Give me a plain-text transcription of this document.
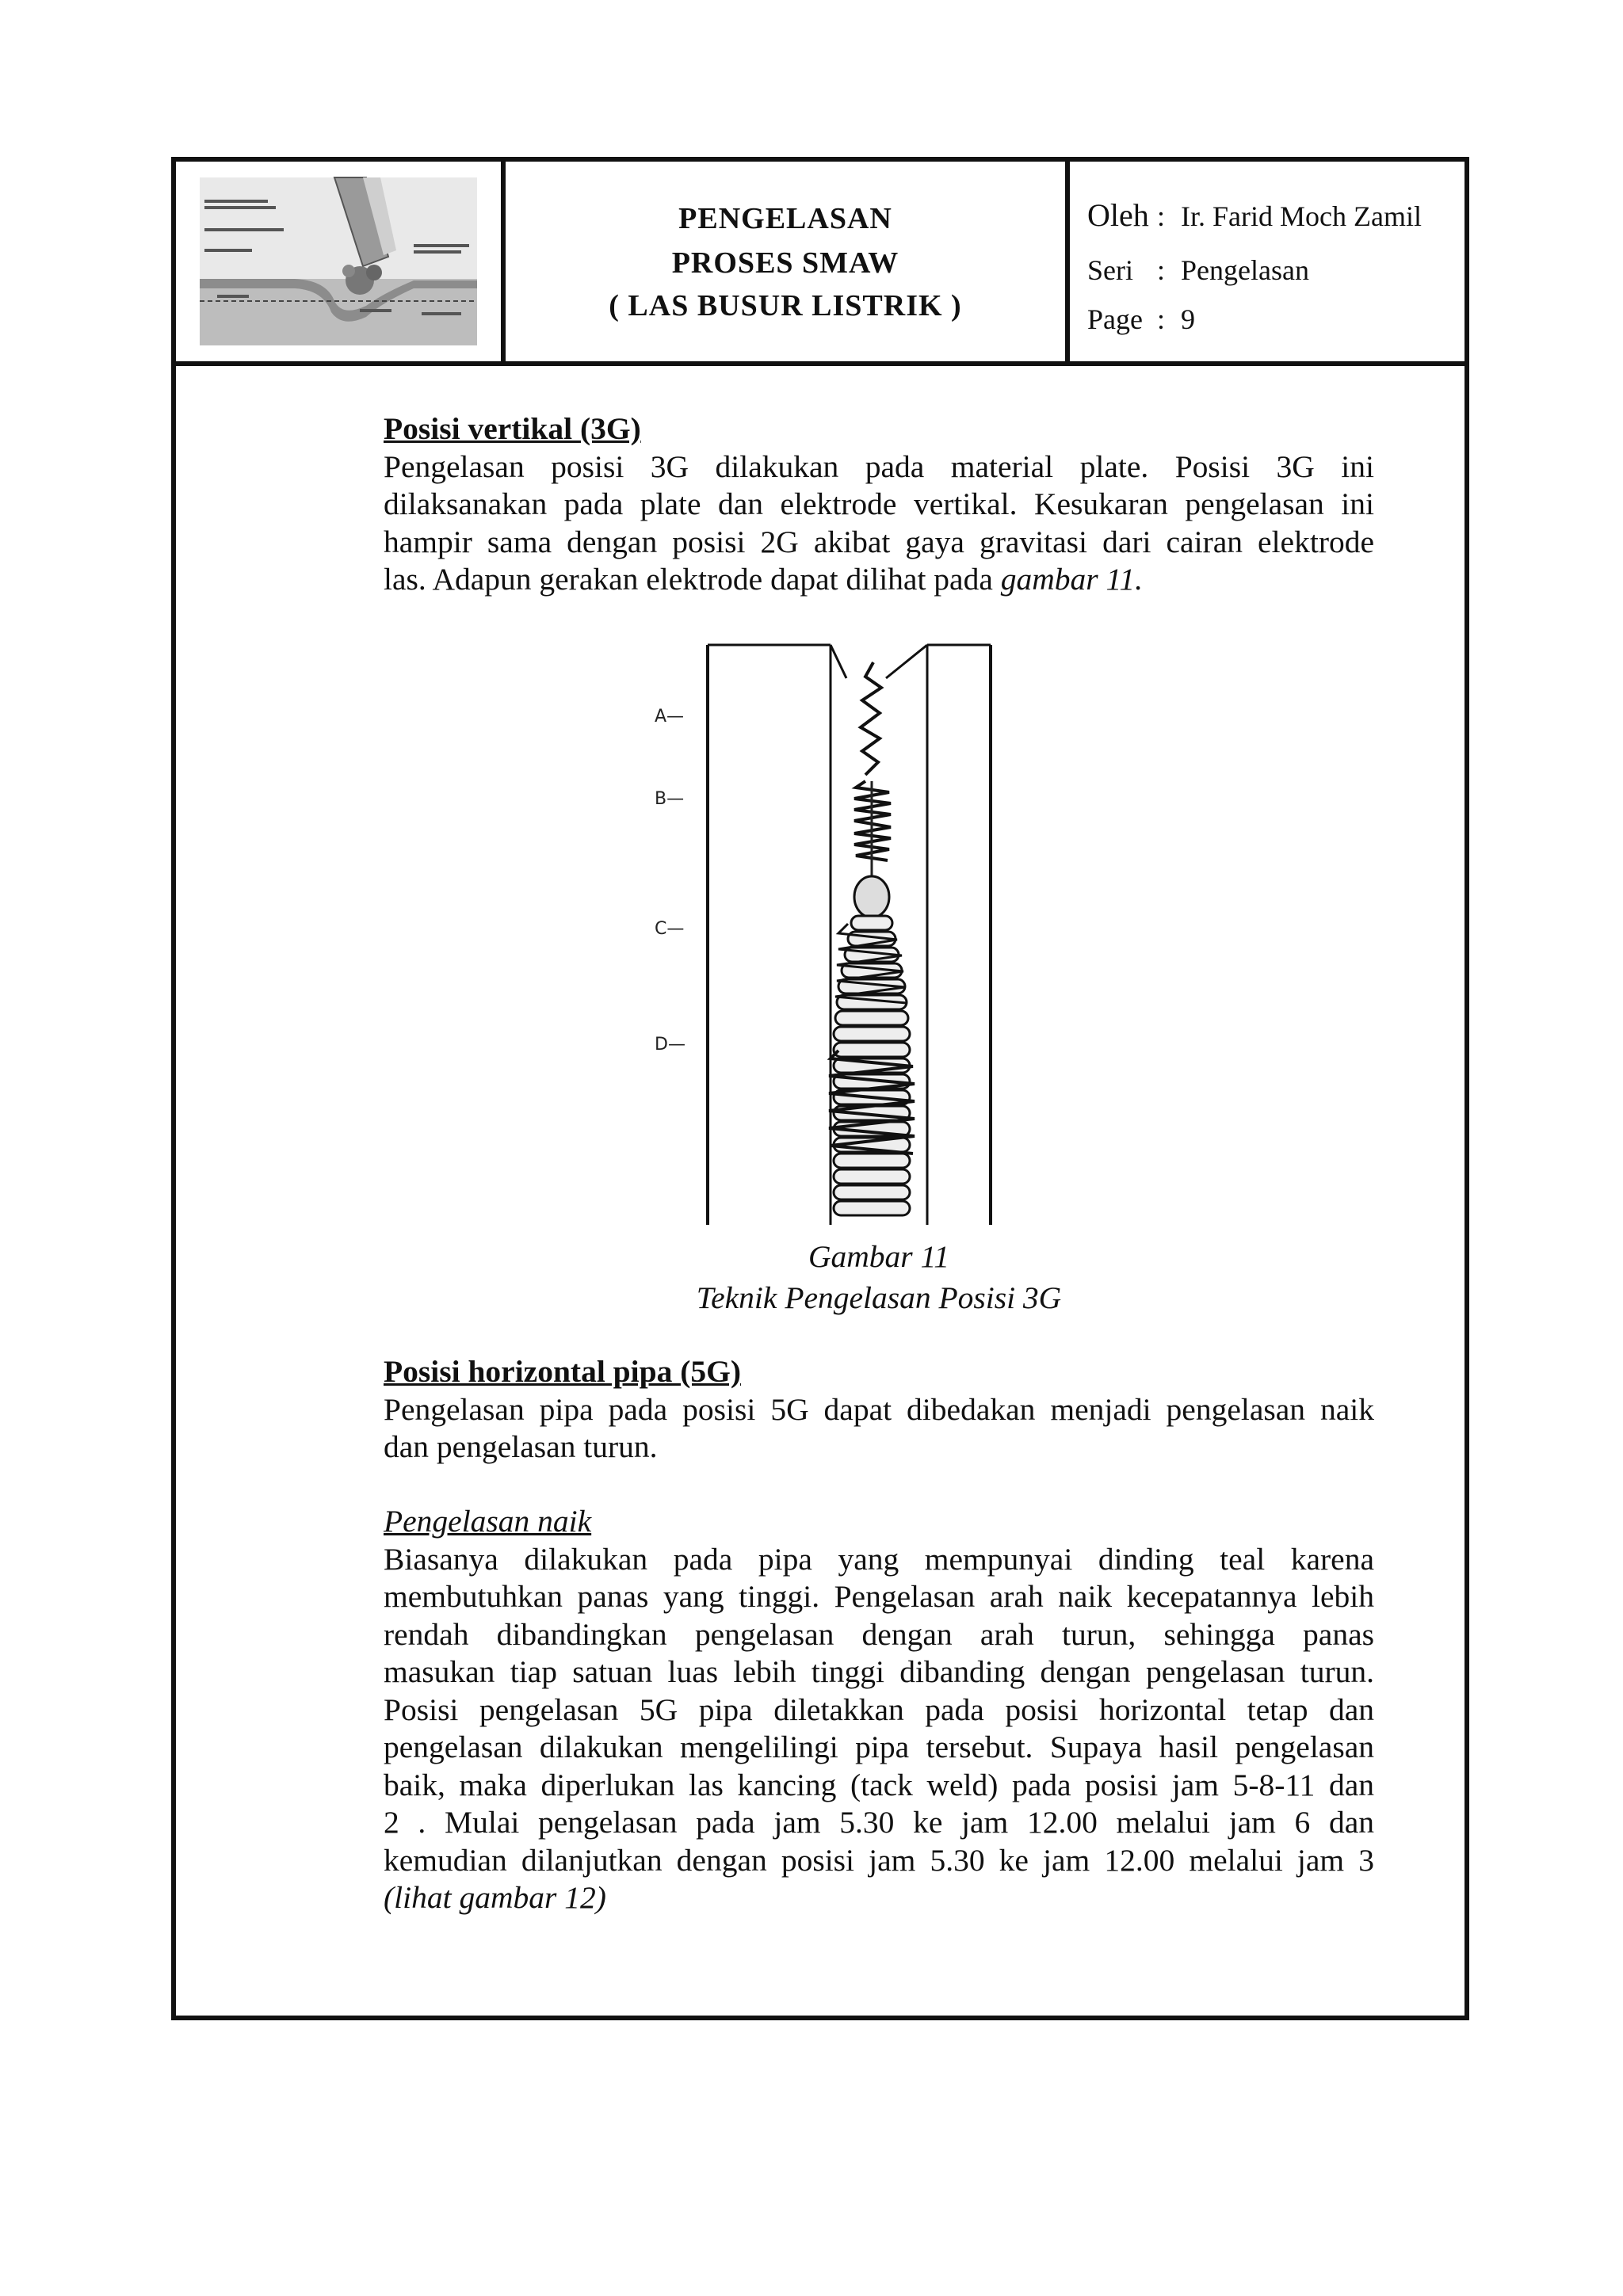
PENGELASAN
PROSES SMAW
( LAS BUSUR LISTRIK )
Oleh : Ir. Farid Moch Zamil
Seri : Pengelasan
Page : 9
Posisi vertikal (3G)
Pengelasan posisi 3G dilakukan pada material plate. Posisi 3G ini
dilaksanakan pada plate dan elektrode vertikal. Kesukaran pengelasan ini
hampir sama dengan posisi 2G akibat gaya gravitasi dari cairan elektrode
las. Adapun gerakan elektrode dapat dilihat pada gambar 11.
A—
B—
C—
D—
Gambar 11
Teknik Pengelasan Posisi 3G
Posisi horizontal pipa (5G)
Pengelasan pipa pada posisi 5G dapat dibedakan menjadi pengelasan naik
dan pengelasan turun.
Pengelasan naik
Biasanya dilakukan pada pipa yang mempunyai dinding teal karena
membutuhkan panas yang tinggi. Pengelasan arah naik kecepatannya lebih
rendah dibandingkan pengelasan dengan arah turun, sehingga panas
masukan tiap satuan luas lebih tinggi dibanding dengan pengelasan turun.
Posisi pengelasan 5G pipa diletakkan pada posisi horizontal tetap dan
pengelasan dilakukan mengelilingi pipa tersebut. Supaya hasil pengelasan
baik, maka diperlukan las kancing (tack weld) pada posisi jam 5-8-11 dan
2 . Mulai pengelasan pada jam 5.30 ke jam 12.00 melalui jam 6 dan
kemudian dilanjutkan dengan posisi jam 5.30 ke jam 12.00 melalui jam 3
(lihat gambar 12)
